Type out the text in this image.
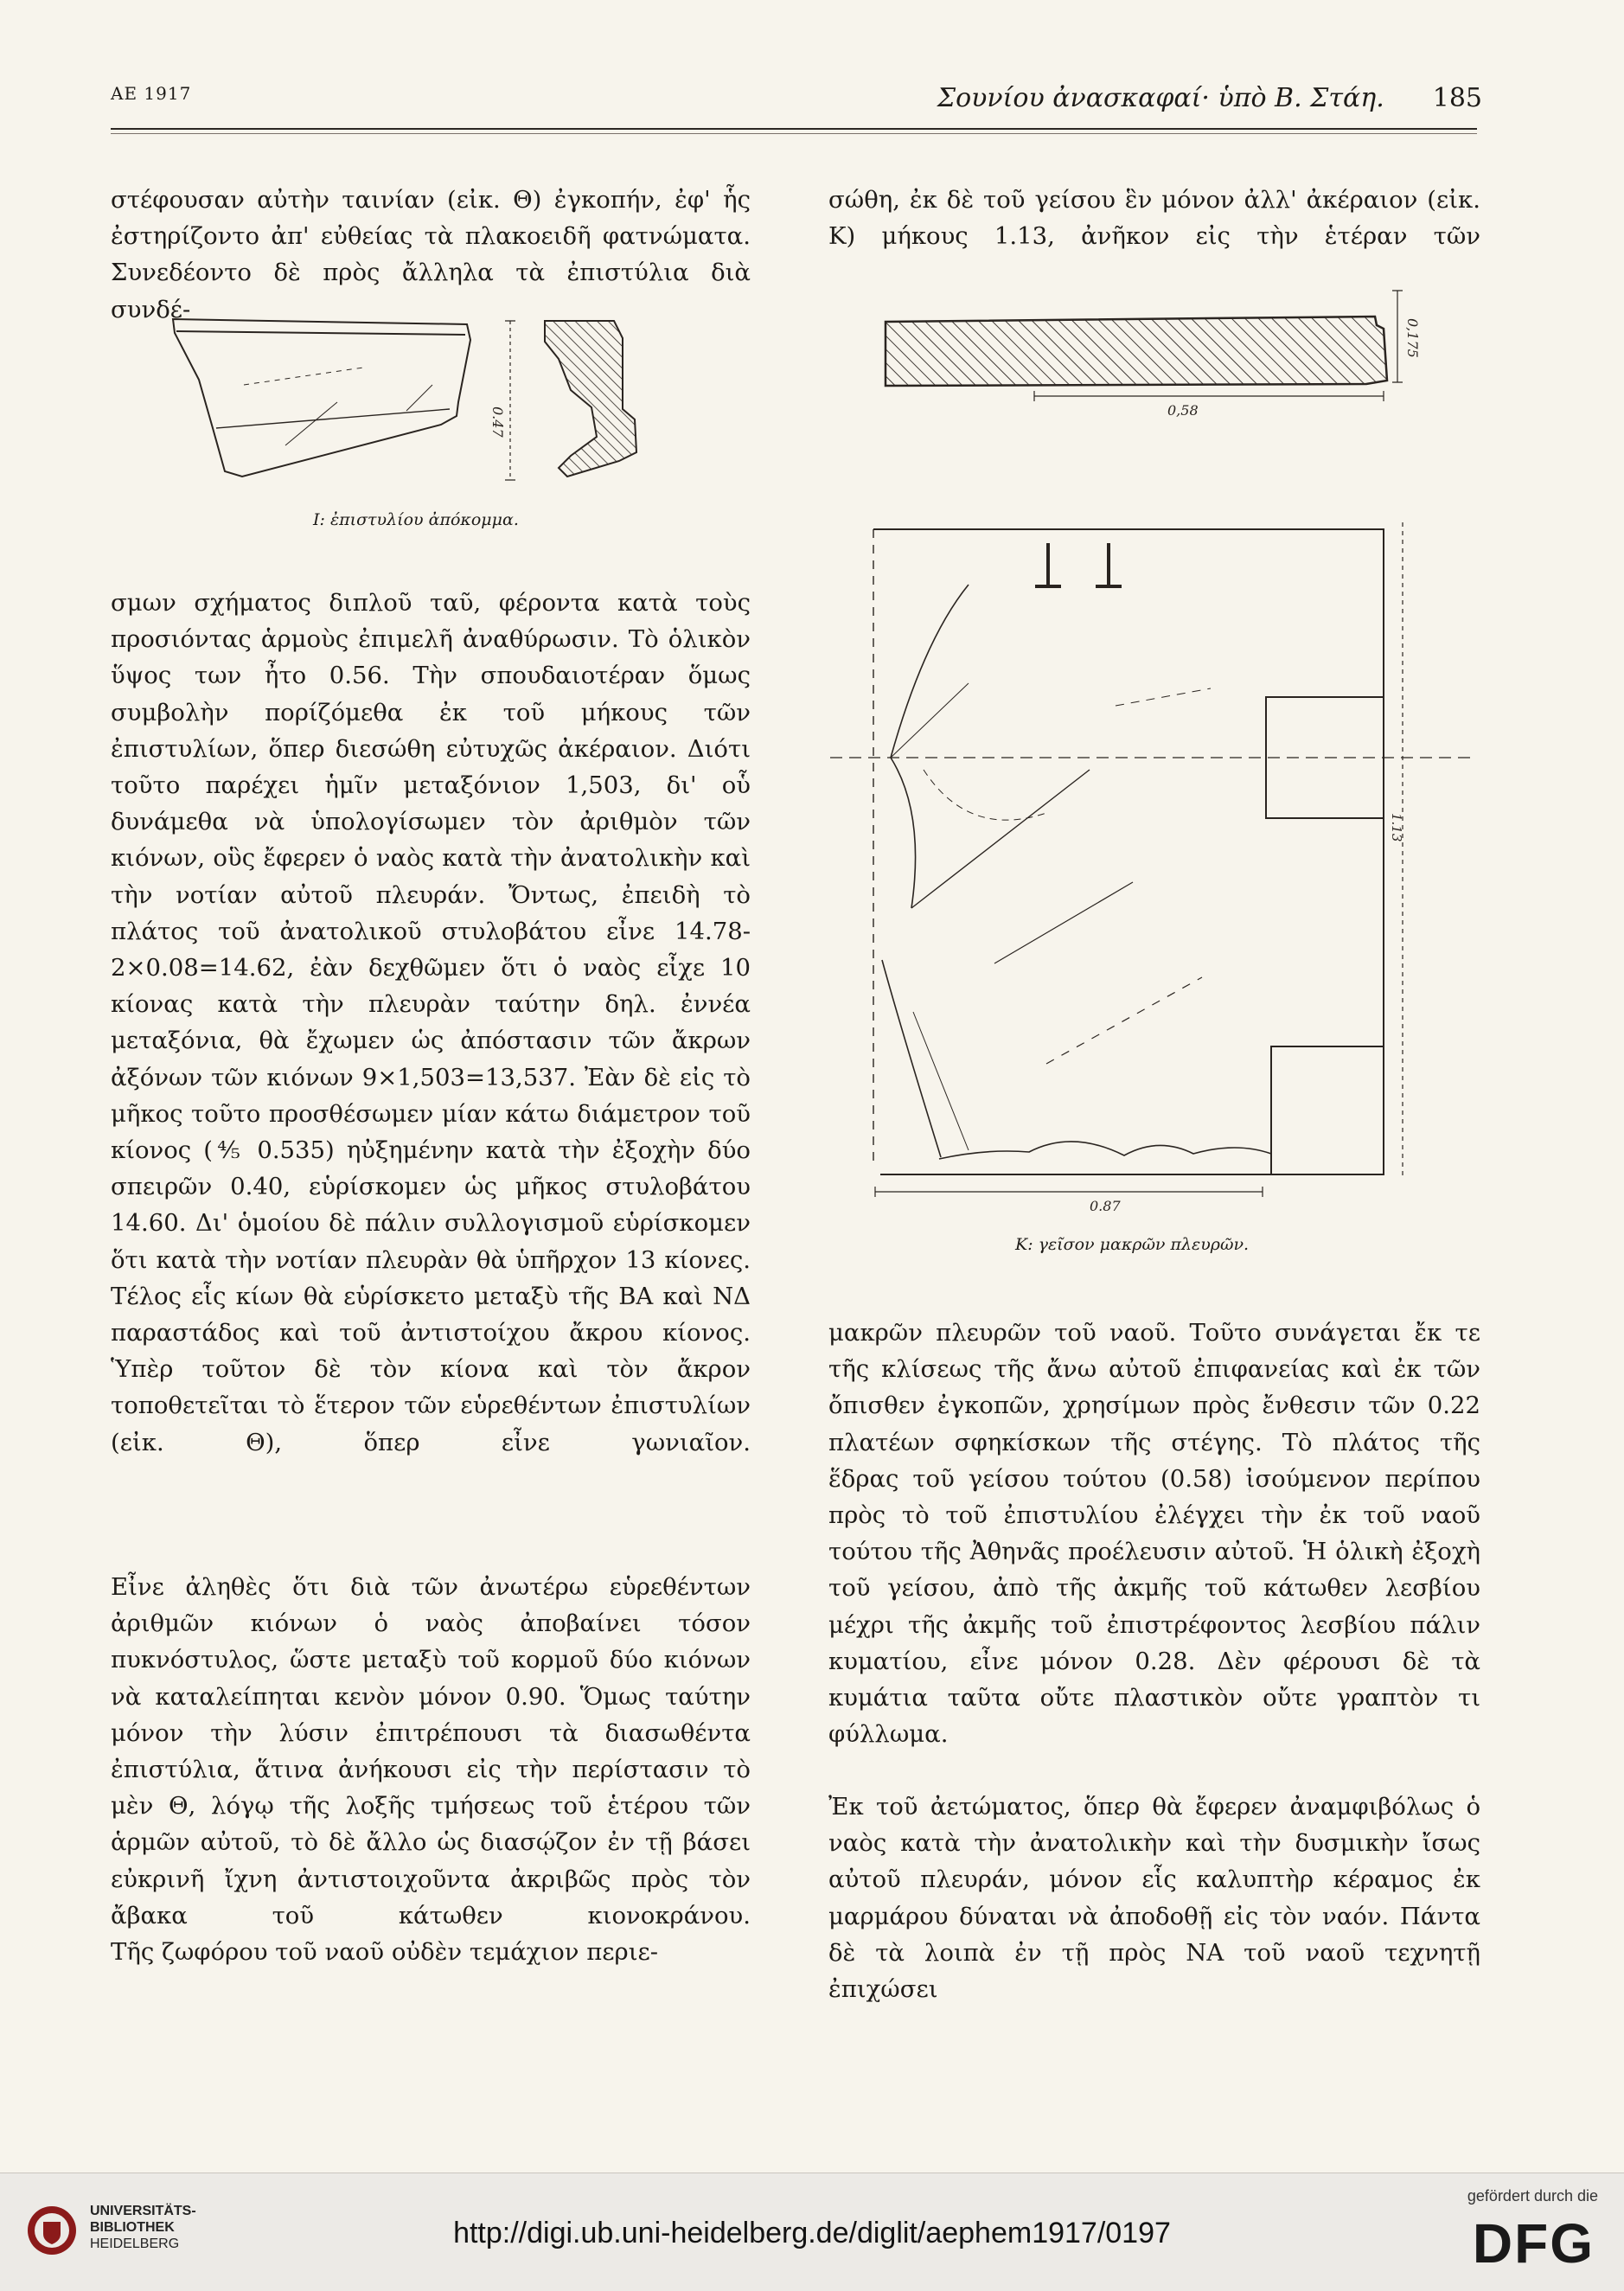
ΑΕ 1917	Σουνίου ἀνασκαφαί· ὑπὸ Β. Στάη. 185

στέφουσαν αὐτὴν ταινίαν (εἰκ. Θ) ἐγκοπήν, ἐφ' ἧς ἐστηρίζοντο ἀπ' εὐθείας τὰ πλακοειδῆ φατνώματα. Συνεδέοντο δὲ πρὸς ἄλληλα τὰ ἐπιστύλια διὰ συνδέ-

0.47
Ι: ἐπιστυλίου ἀπόκομμα.

σμων σχήματος διπλοῦ ταῦ, φέροντα κατὰ τοὺς προσιόντας ἁρμοὺς ἐπιμελῆ ἀναθύρωσιν. Τὸ ὁλικὸν ὕψος των ἦτο 0.56. Τὴν σπουδαιοτέραν ὅμως συμβολὴν πορίζόμεθα ἐκ τοῦ μήκους τῶν ἐπιστυλίων, ὅπερ διεσώθη εὐτυχῶς ἀκέραιον. Διότι τοῦτο παρέχει ἡμῖν μεταξόνιον 1,503, δι' οὗ δυνάμεθα νὰ ὑπολογίσωμεν τὸν ἀριθμὸν τῶν κιόνων, οὓς ἔφερεν ὁ ναὸς κατὰ τὴν ἀνατολικὴν καὶ τὴν νοτίαν αὐτοῦ πλευράν. Ὄντως, ἐπειδὴ τὸ πλάτος τοῦ ἀνατολικοῦ στυλοβάτου εἶνε 14.78-2×0.08=14.62, ἐὰν δεχθῶμεν ὅτι ὁ ναὸς εἶχε 10 κίονας κατὰ τὴν πλευρὰν ταύτην δηλ. ἐννέα μεταξόνια, θὰ ἔχωμεν ὡς ἀπόστασιν τῶν ἄκρων ἀξόνων τῶν κιόνων 9×1,503=13,537. Ἐὰν δὲ εἰς τὸ μῆκος τοῦτο προσθέσωμεν μίαν κάτω διάμετρον τοῦ κίονος (⅘ 0.535) ηὐξημένην κατὰ τὴν ἐξοχὴν δύο σπειρῶν 0.40, εὑρίσκομεν ὡς μῆκος στυλοβάτου 14.60. Δι' ὁμοίου δὲ πάλιν συλλογισμοῦ εὑρίσκομεν ὅτι κατὰ τὴν νοτίαν πλευρὰν θὰ ὑπῆρχον 13 κίονες. Τέλος εἷς κίων θὰ εὑρίσκετο μεταξὺ τῆς ΒΑ καὶ ΝΔ παραστάδος καὶ τοῦ ἀντιστοίχου ἄκρου κίονος. Ὑπὲρ τοῦτον δὲ τὸν κίονα καὶ τὸν ἄκρον τοποθετεῖται τὸ ἕτερον τῶν εὑρεθέντων ἐπιστυλίων (εἰκ. Θ), ὅπερ εἶνε γωνιαῖον.

Εἶνε ἀληθὲς ὅτι διὰ τῶν ἀνωτέρω εὑρεθέντων ἀριθμῶν κιόνων ὁ ναὸς ἀποβαίνει τόσον πυκνόστυλος, ὥστε μεταξὺ τοῦ κορμοῦ δύο κιόνων νὰ καταλείπηται κενὸν μόνον 0.90. Ὅμως ταύτην μόνον τὴν λύσιν ἐπιτρέπουσι τὰ διασωθέντα ἐπιστύλια, ἅτινα ἀνήκουσι εἰς τὴν περίστασιν τὸ μὲν Θ, λόγῳ τῆς λοξῆς τμήσεως τοῦ ἑτέρου τῶν ἁρμῶν αὐτοῦ, τὸ δὲ ἄλλο ὡς διασῴζον ἐν τῇ βάσει εὐκρινῆ ἴχνη ἀντιστοιχοῦντα ἀκριβῶς πρὸς τὸν ἄβακα τοῦ κάτωθεν κιονοκράνου.

Τῆς ζωφόρου τοῦ ναοῦ οὐδὲν τεμάχιον περιε-

σώθη, ἐκ δὲ τοῦ γείσου ἓν μόνον ἀλλ' ἀκέραιον (εἰκ. Κ) μήκους 1.13, ἀνῆκον εἰς τὴν ἑτέραν τῶν

0,58
0,175
1.13
0.87
Κ: γεῖσον μακρῶν πλευρῶν.

μακρῶν πλευρῶν τοῦ ναοῦ. Τοῦτο συνάγεται ἔκ τε τῆς κλίσεως τῆς ἄνω αὐτοῦ ἐπιφανείας καὶ ἐκ τῶν ὄπισθεν ἐγκοπῶν, χρησίμων πρὸς ἔνθεσιν τῶν 0.22 πλατέων σφηκίσκων τῆς στέγης. Τὸ πλάτος τῆς ἕδρας τοῦ γείσου τούτου (0.58) ἰσούμενον περίπου πρὸς τὸ τοῦ ἐπιστυλίου ἐλέγχει τὴν ἐκ τοῦ ναοῦ τούτου τῆς Ἀθηνᾶς προέλευσιν αὐτοῦ. Ἡ ὁλικὴ ἐξοχὴ τοῦ γείσου, ἀπὸ τῆς ἀκμῆς τοῦ κάτωθεν λεσβίου μέχρι τῆς ἀκμῆς τοῦ ἐπιστρέφοντος λεσβίου πάλιν κυματίου, εἶνε μόνον 0.28. Δὲν φέρουσι δὲ τὰ κυμάτια ταῦτα οὔτε πλαστικὸν οὔτε γραπτὸν τι φύλλωμα.

Ἐκ τοῦ ἀετώματος, ὅπερ θὰ ἔφερεν ἀναμφιβόλως ὁ ναὸς κατὰ τὴν ἀνατολικὴν καὶ τὴν δυσμικὴν ἴσως αὐτοῦ πλευράν, μόνον εἷς καλυπτὴρ κέραμος ἐκ μαρμάρου δύναται νὰ ἀποδοθῇ εἰς τὸν ναόν. Πάντα δὲ τὰ λοιπὰ ἐν τῇ πρὸς ΝΑ τοῦ ναοῦ τεχνητῇ ἐπιχώσει

UNIVERSITÄTS-
BIBLIOTHEK
HEIDELBERG	http://digi.ub.uni-heidelberg.de/diglit/aephem1917/0197
gefördert durch die
DFG
